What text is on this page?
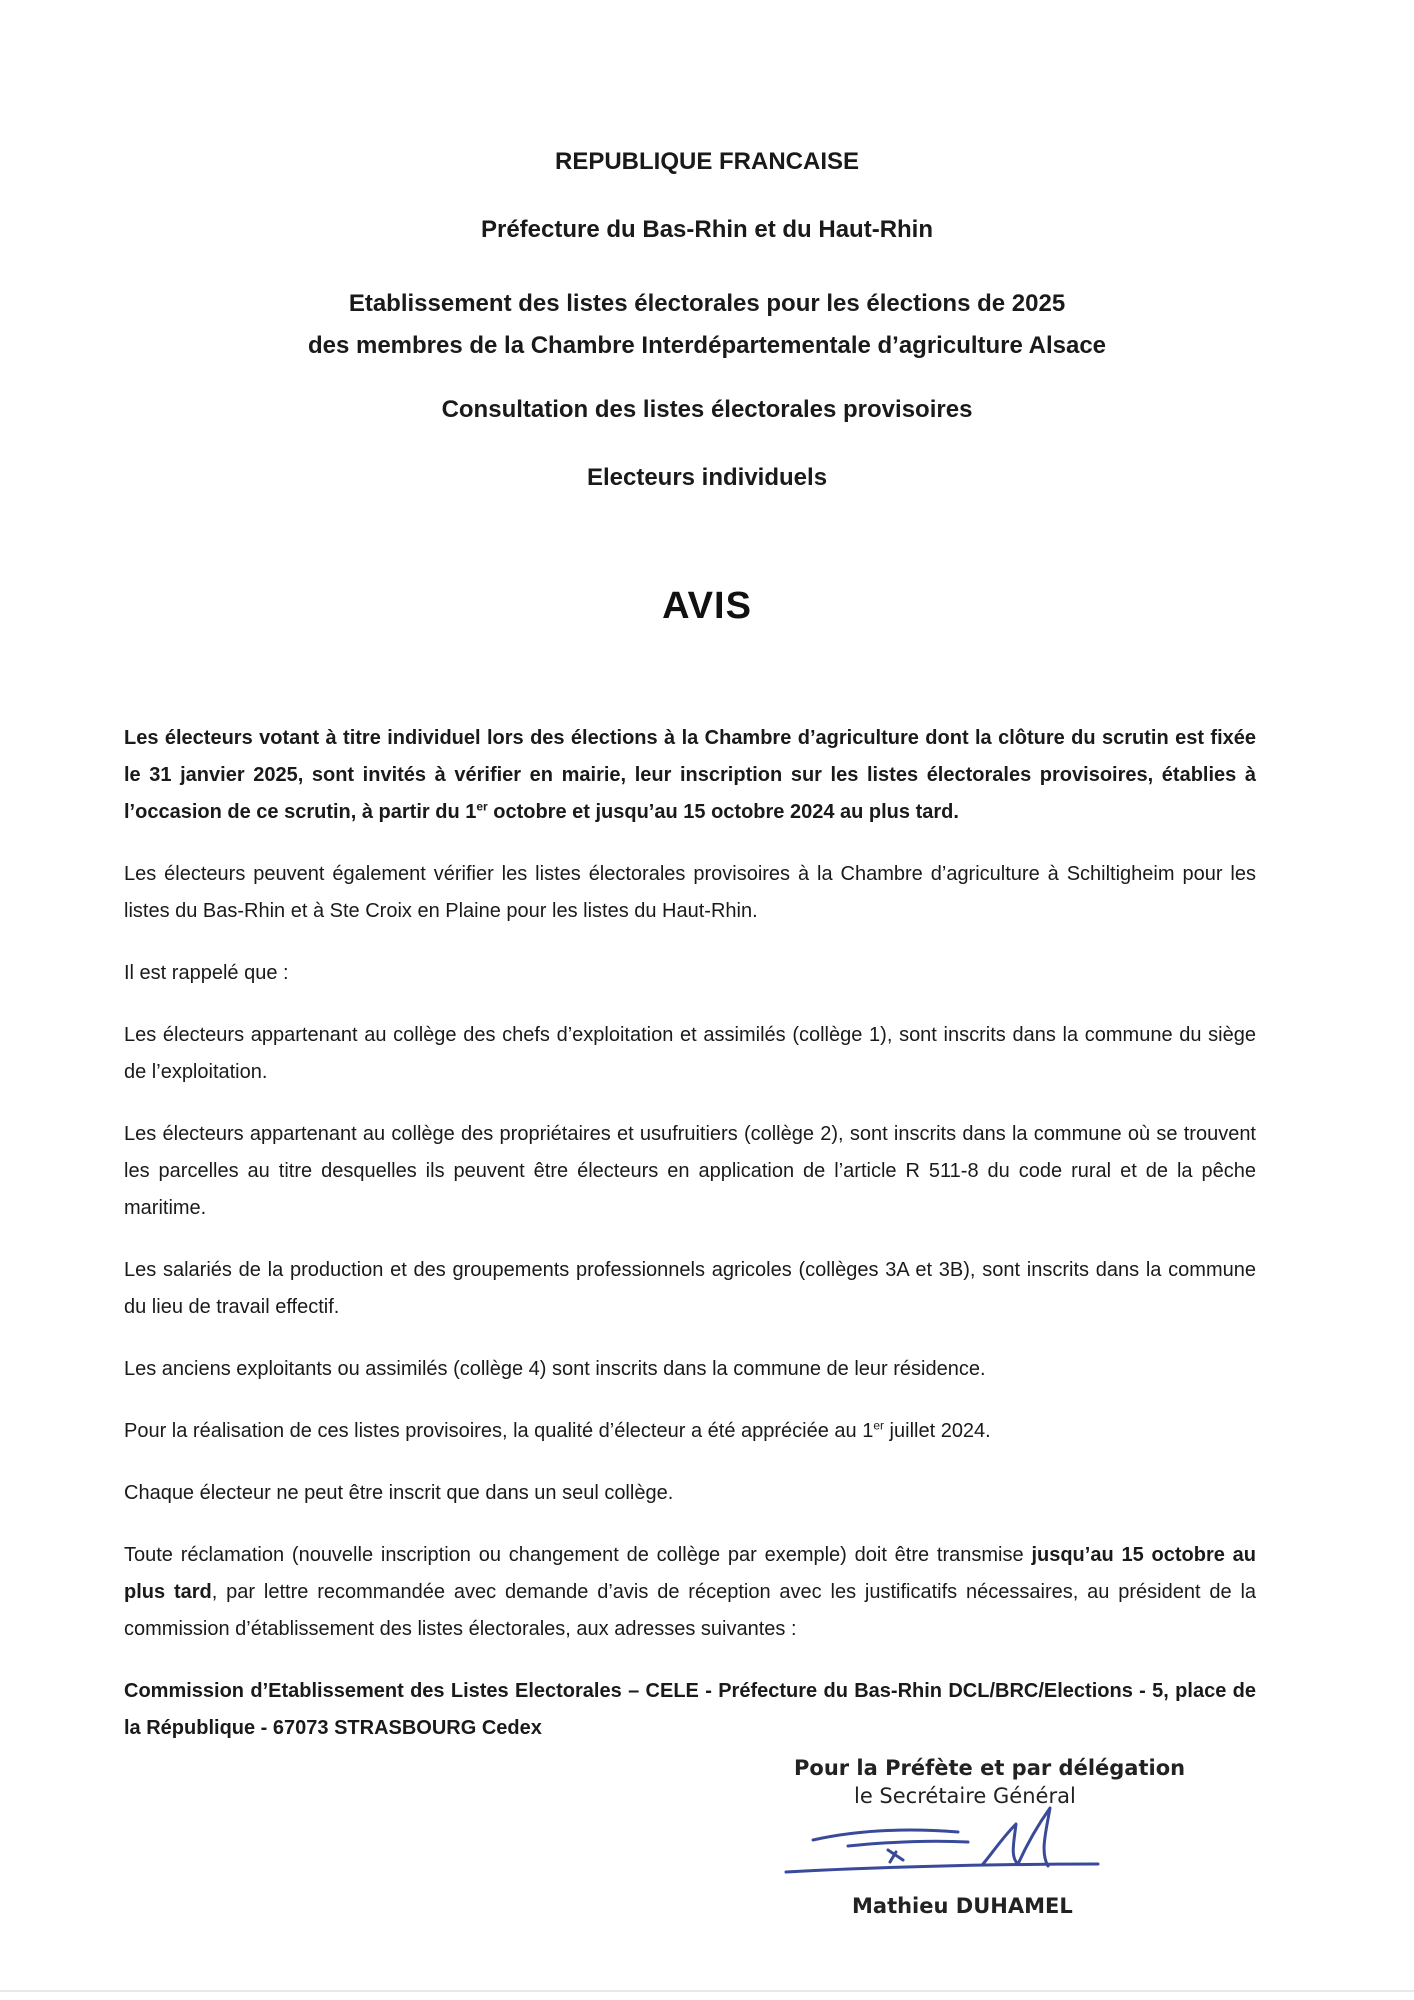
REPUBLIQUE FRANCAISE
Préfecture du Bas-Rhin et du Haut-Rhin
Etablissement des listes électorales pour les élections de 2025
des membres de la Chambre Interdépartementale d’agriculture Alsace
Consultation des listes électorales provisoires
Electeurs individuels
AVIS

Les électeurs votant à titre individuel lors des élections à la Chambre d’agriculture dont la clôture du scrutin est fixée le 31 janvier 2025, sont invités à vérifier en mairie, leur inscription sur les listes électorales provisoires, établies à l’occasion de ce scrutin, à partir du 1er octobre et jusqu’au 15 octobre 2024 au plus tard.

Les électeurs peuvent également vérifier les listes électorales provisoires à la Chambre d’agriculture à Schiltigheim pour les listes du Bas-Rhin et à Ste Croix en Plaine pour les listes du Haut-Rhin.

Il est rappelé que :

Les électeurs appartenant au collège des chefs d’exploitation et assimilés (collège 1), sont inscrits dans la commune du siège de l’exploitation.

Les électeurs appartenant au collège des propriétaires et usufruitiers (collège 2), sont inscrits dans la commune où se trouvent les parcelles au titre desquelles ils peuvent être électeurs en application de l’article R 511-8 du code rural et de la pêche maritime.

Les salariés de la production et des groupements professionnels agricoles (collèges 3A et 3B), sont inscrits dans la commune du lieu de travail effectif.

Les anciens exploitants ou assimilés (collège 4) sont inscrits dans la commune de leur résidence.

Pour la réalisation de ces listes provisoires, la qualité d’électeur a été appréciée au 1er juillet 2024.

Chaque électeur ne peut être inscrit que dans un seul collège.

Toute réclamation (nouvelle inscription ou changement de collège par exemple) doit être transmise jusqu’au 15 octobre au plus tard, par lettre recommandée avec demande d’avis de réception avec les justificatifs nécessaires, au président de la commission d’établissement des listes électorales, aux adresses suivantes :

Commission d’Etablissement des Listes Electorales – CELE - Préfecture du Bas-Rhin DCL/BRC/Elections - 5, place de la République - 67073 STRASBOURG Cedex

Pour la Préfète et par délégation
le Secrétaire Général
Mathieu DUHAMEL
